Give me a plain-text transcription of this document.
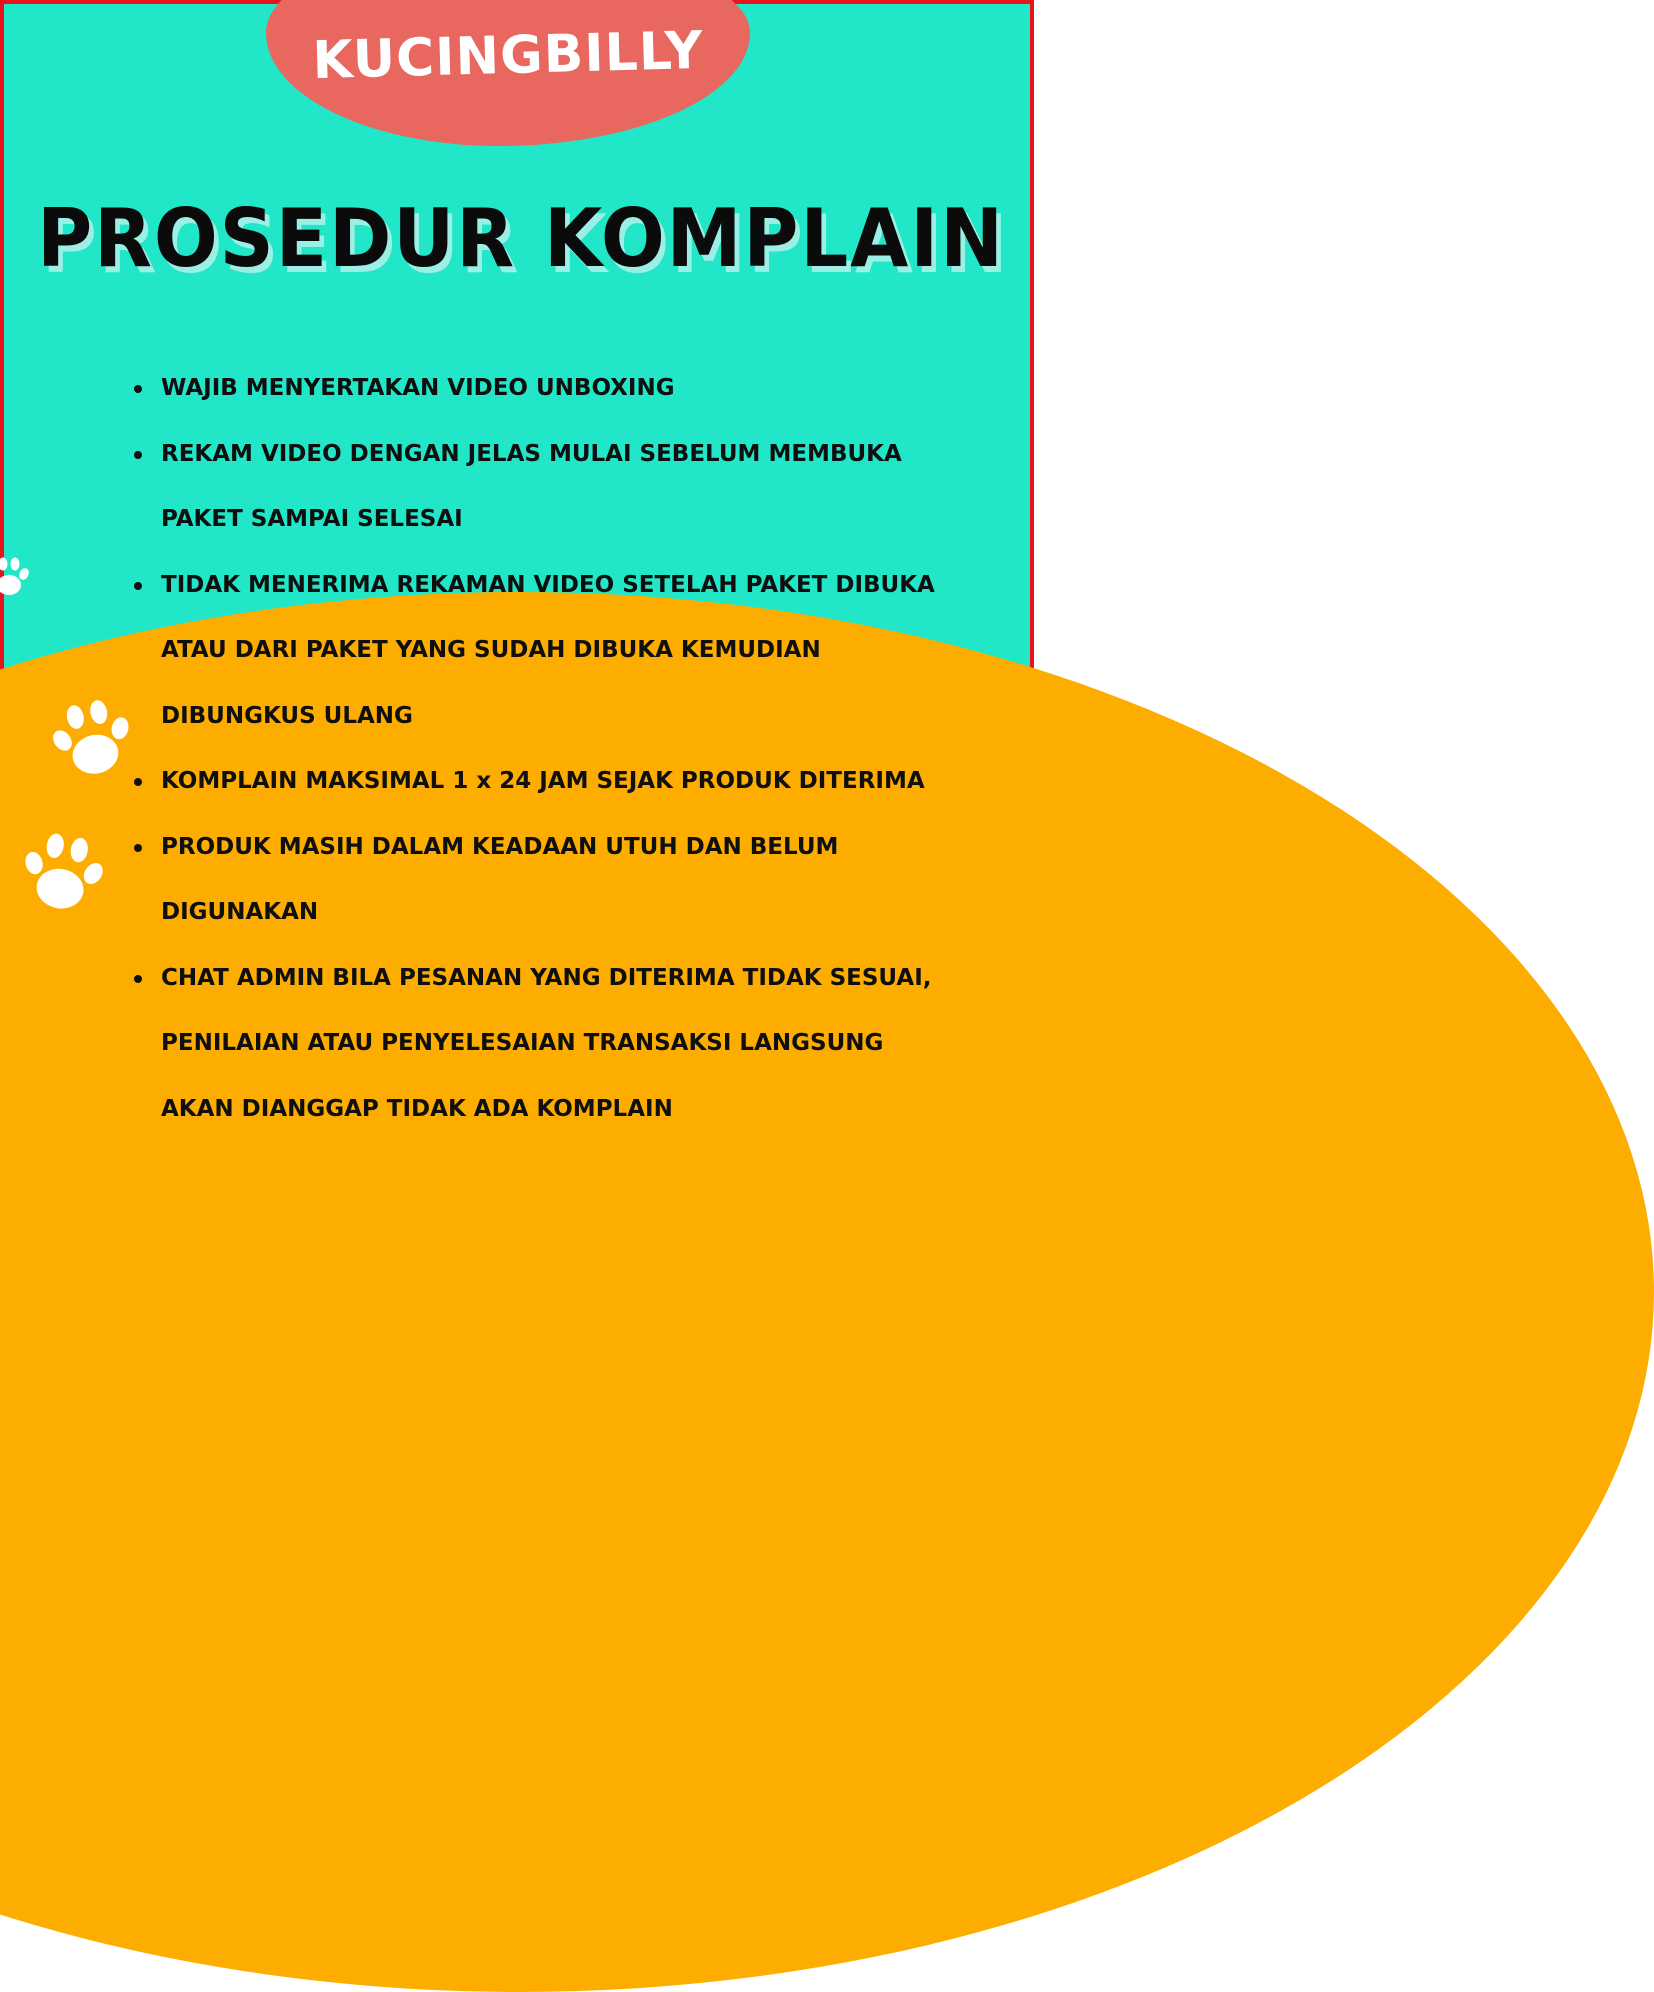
KUCINGBILLY
PROSEDUR KOMPLAIN
WAJIB MENYERTAKAN VIDEO UNBOXING
REKAM VIDEO DENGAN JELAS MULAI SEBELUM MEMBUKA PAKET SAMPAI SELESAI
TIDAK MENERIMA REKAMAN VIDEO SETELAH PAKET DIBUKA ATAU DARI PAKET YANG SUDAH DIBUKA KEMUDIAN DIBUNGKUS ULANG
KOMPLAIN MAKSIMAL 1 x 24 JAM SEJAK PRODUK DITERIMA
PRODUK MASIH DALAM KEADAAN UTUH DAN BELUM DIGUNAKAN
CHAT ADMIN BILA PESANAN YANG DITERIMA TIDAK SESUAI, PENILAIAN ATAU PENYELESAIAN TRANSAKSI LANGSUNG AKAN DIANGGAP TIDAK ADA KOMPLAIN
